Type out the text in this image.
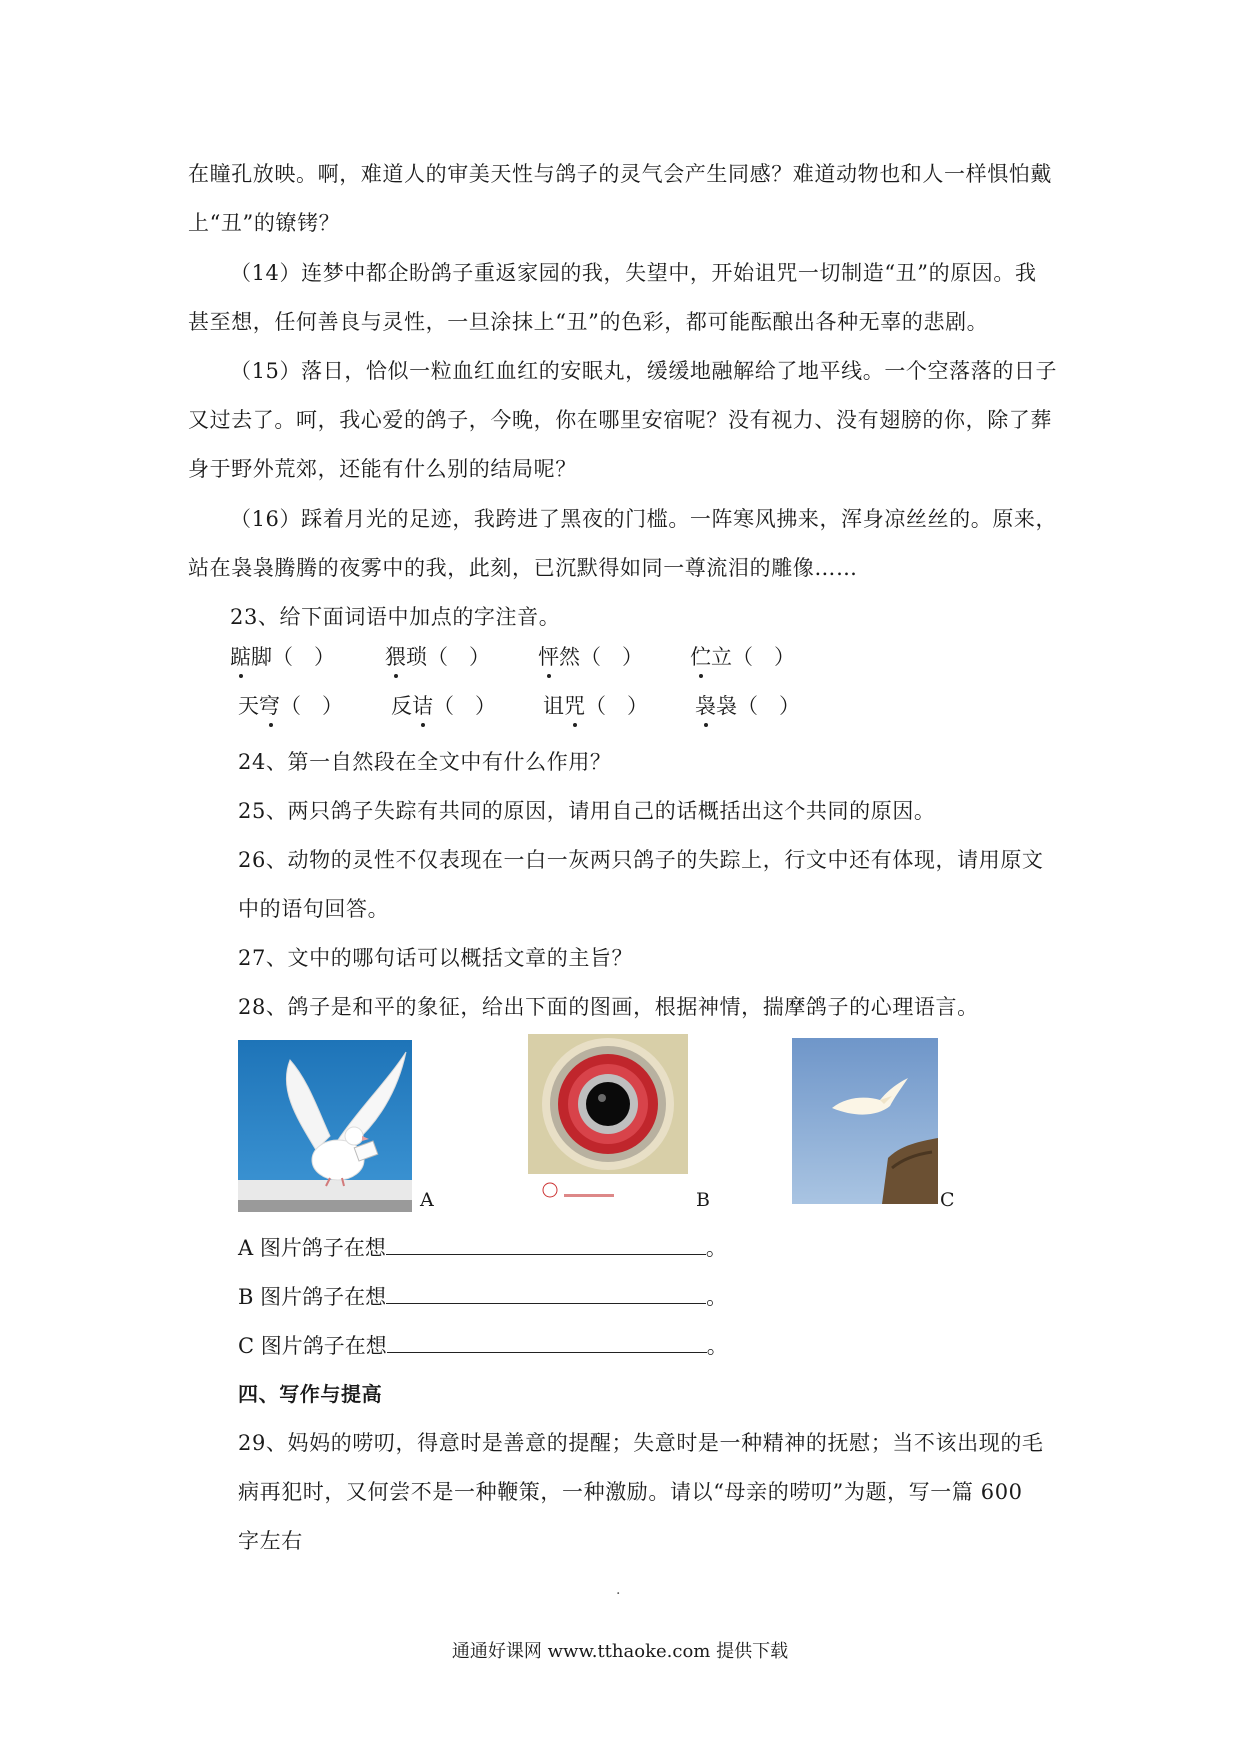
在瞳孔放映。啊，难道人的审美天性与鸽子的灵气会产生同感？难道动物也和人一样惧怕戴
上“丑”的镣铐？
（14）连梦中都企盼鸽子重返家园的我，失望中，开始诅咒一切制造“丑”的原因。我
甚至想，任何善良与灵性，一旦涂抹上“丑”的色彩，都可能酝酿出各种无辜的悲剧。
（15）落日，恰似一粒血红血红的安眠丸，缓缓地融解给了地平线。一个空落落的日子
又过去了。呵，我心爱的鸽子，今晚，你在哪里安宿呢？没有视力、没有翅膀的你，除了葬
身于野外荒郊，还能有什么别的结局呢？
（16）踩着月光的足迹，我跨进了黑夜的门槛。一阵寒风拂来，浑身凉丝丝的。原来，
站在袅袅腾腾的夜雾中的我，此刻，已沉默得如同一尊流泪的雕像……
23、给下面词语中加点的字注音。
踮脚（　） 猥琐（　） 怦然（　） 伫立（　）
天穹（　） 反诘（　） 诅咒（　） 袅袅（　）
24、第一自然段在全文中有什么作用？
25、两只鸽子失踪有共同的原因，请用自己的话概括出这个共同的原因。
26、动物的灵性不仅表现在一白一灰两只鸽子的失踪上，行文中还有体现，请用原文
中的语句回答。
27、文中的哪句话可以概括文章的主旨？
28、鸽子是和平的象征，给出下面的图画，根据神情，揣摩鸽子的心理语言。
A	B	C
A 图片鸽子在想	。
B 图片鸽子在想	。
C 图片鸽子在想	。
四、写作与提高
29、妈妈的唠叨，得意时是善意的提醒；失意时是一种精神的抚慰；当不该出现的毛
病再犯时，又何尝不是一种鞭策，一种激励。请以“母亲的唠叨”为题，写一篇 600
字左右
.
通通好课网 www.tthaoke.com 提供下载
